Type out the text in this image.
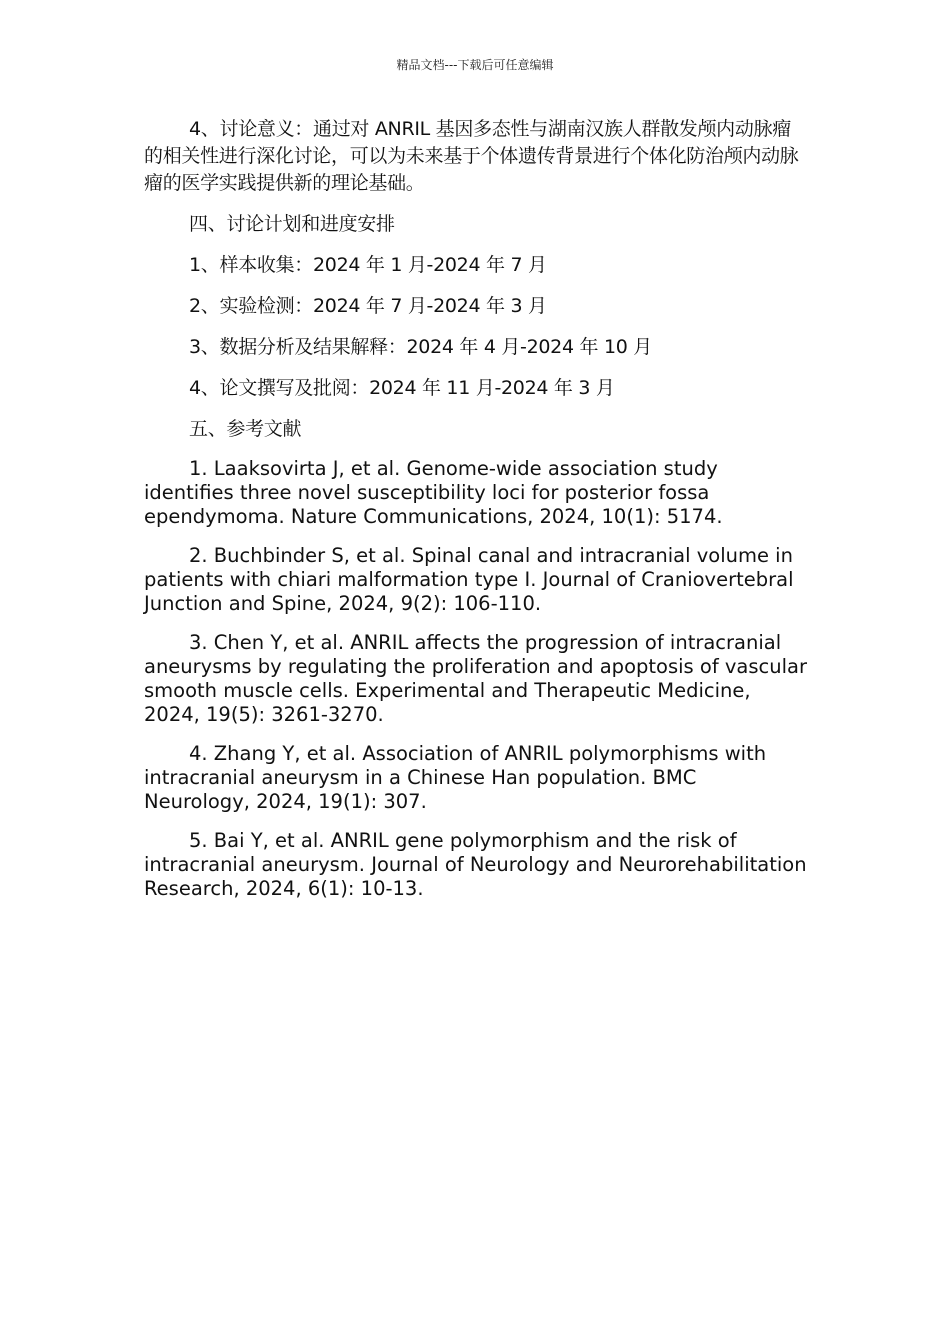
精品文档---下载后可任意编辑

4、讨论意义：通过对 ANRIL 基因多态性与湖南汉族人群散发颅内动脉瘤的相关性进行深化讨论，可以为未来基于个体遗传背景进行个体化防治颅内动脉瘤的医学实践提供新的理论基础。

四、讨论计划和进度安排

1、样本收集：2024 年 1 月-2024 年 7 月

2、实验检测：2024 年 7 月-2024 年 3 月

3、数据分析及结果解释：2024 年 4 月-2024 年 10 月

4、论文撰写及批阅：2024 年 11 月-2024 年 3 月

五、参考文献

1. Laaksovirta J, et al. Genome-wide association study identifies three novel susceptibility loci for posterior fossa ependymoma. Nature Communications, 2024, 10(1): 5174.

2. Buchbinder S, et al. Spinal canal and intracranial volume in patients with chiari malformation type I. Journal of Craniovertebral Junction and Spine, 2024, 9(2): 106-110.

3. Chen Y, et al. ANRIL affects the progression of intracranial aneurysms by regulating the proliferation and apoptosis of vascular smooth muscle cells. Experimental and Therapeutic Medicine, 2024, 19(5): 3261-3270.

4. Zhang Y, et al. Association of ANRIL polymorphisms with intracranial aneurysm in a Chinese Han population. BMC Neurology, 2024, 19(1): 307.

5. Bai Y, et al. ANRIL gene polymorphism and the risk of intracranial aneurysm. Journal of Neurology and Neurorehabilitation Research, 2024, 6(1): 10-13.
